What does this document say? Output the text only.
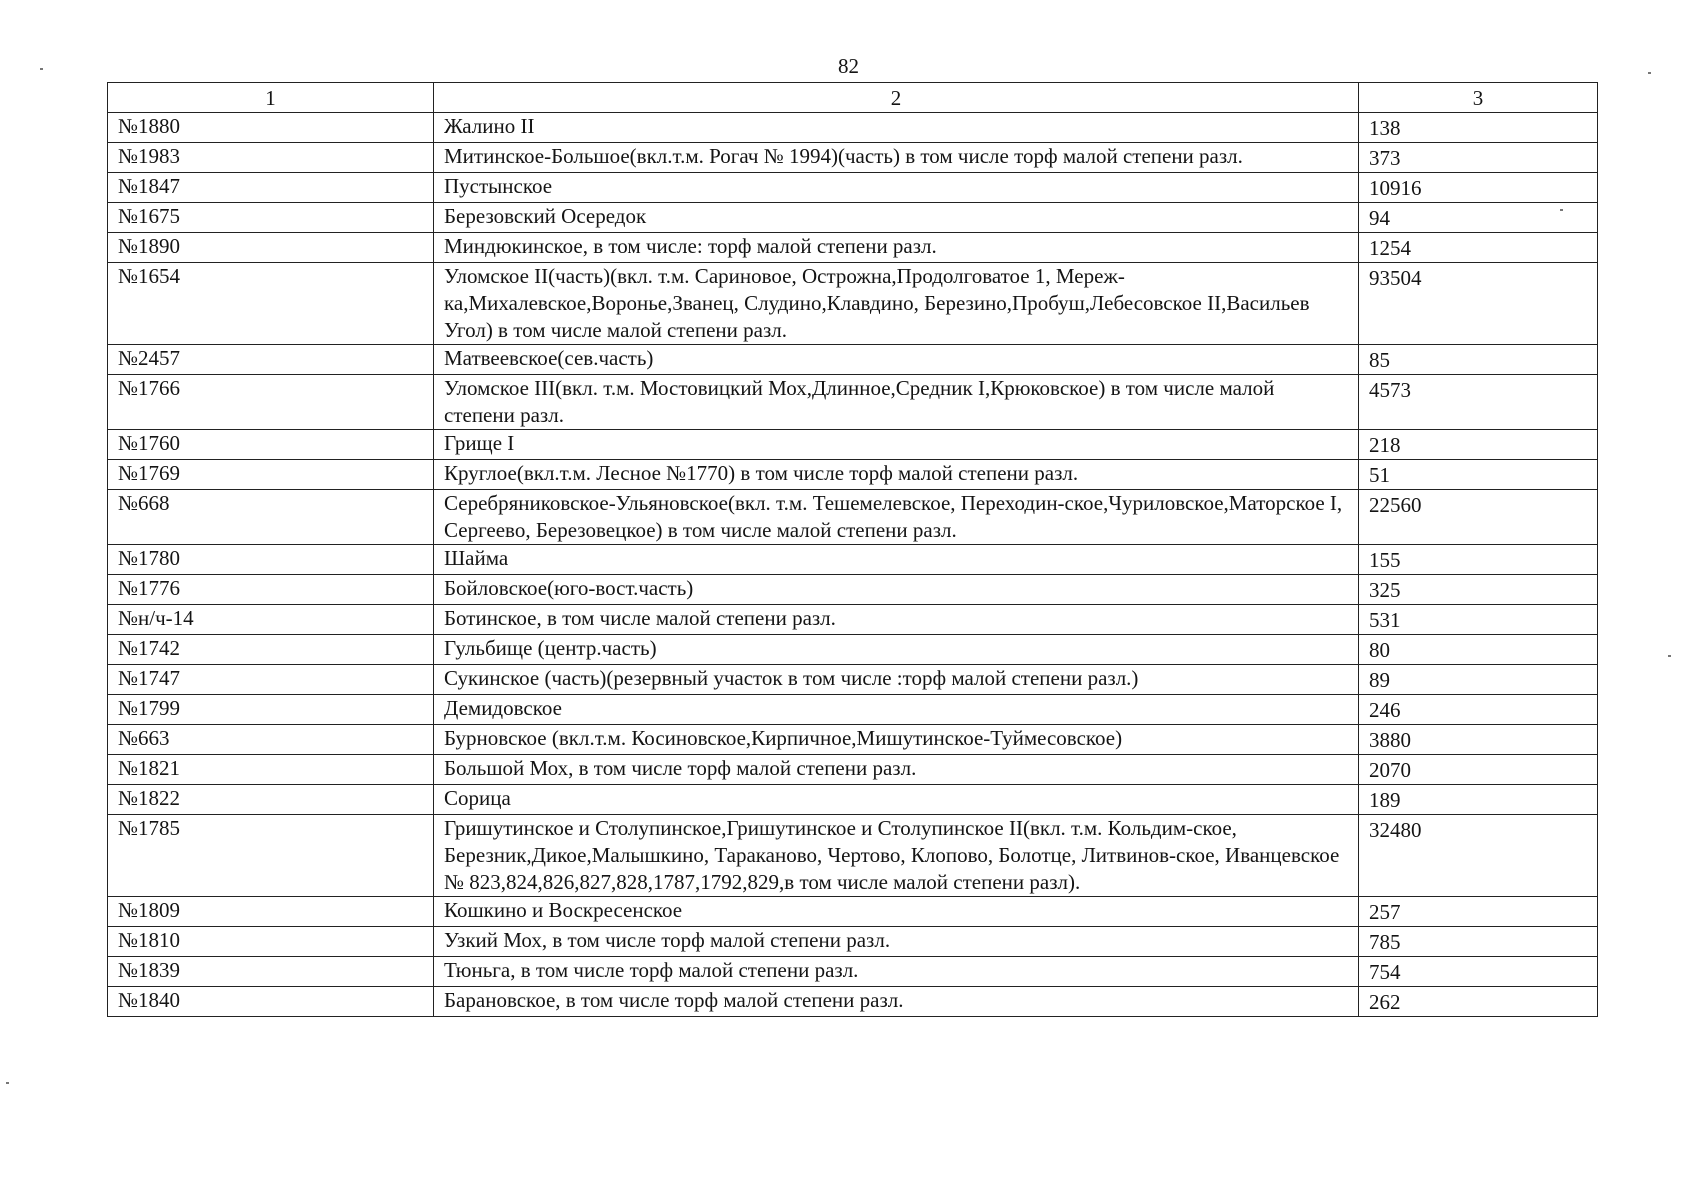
82
1	2	3
№1880	Жалино II	138
№1983	Митинское-Большое(вкл.т.м. Рогач № 1994)(часть) в том числе торф малой степени разл.	373
№1847	Пустынское	10916
№1675	Березовский Осередок	94
№1890	Миндюкинское, в том числе: торф малой степени разл.	1254
№1654	Уломское II(часть)(вкл. т.м. Сариновое, Острожна,Продолговатое 1, Мереж-ка,Михалевское,Воронье,Званец, Слудино,Клавдино, Березино,Пробуш,Лебесовское II,Васильев Угол) в том числе малой степени разл.	93504
№2457	Матвеевское(сев.часть)	85
№1766	Уломское III(вкл. т.м. Мостовицкий Мох,Длинное,Средник I,Крюковское) в том числе малой степени разл.	4573
№1760	Грище I	218
№1769	Круглое(вкл.т.м. Лесное №1770) в том числе торф малой степени разл.	51
№668	Серебряниковское-Ульяновское(вкл. т.м. Тешемелевское, Переходин-ское,Чуриловское,Маторское I, Сергеево, Березовецкое) в том числе малой степени разл.	22560
№1780	Шайма	155
№1776	Бойловское(юго-вост.часть)	325
№н/ч-14	Ботинское, в том числе малой степени разл.	531
№1742	Гульбище (центр.часть)	80
№1747	Сукинское (часть)(резервный участок в том числе :торф малой степени разл.)	89
№1799	Демидовское	246
№663	Бурновское (вкл.т.м. Косиновское,Кирпичное,Мишутинское-Туймесовское)	3880
№1821	Большой Мох, в том числе торф малой степени разл.	2070
№1822	Сорица	189
№1785	Гришутинское и Столупинское,Гришутинское и Столупинское II(вкл. т.м. Кольдим-ское, Березник,Дикое,Малышкино, Тараканово, Чертово, Клопово, Болотце, Литвинов-ское, Иванцевское № 823,824,826,827,828,1787,1792,829,в том числе малой степени разл).	32480
№1809	Кошкино и Воскресенское	257
№1810	Узкий Мох, в том числе торф малой степени разл.	785
№1839	Тюньга, в том числе торф малой степени разл.	754
№1840	Барановское, в том числе торф малой степени разл.	262
